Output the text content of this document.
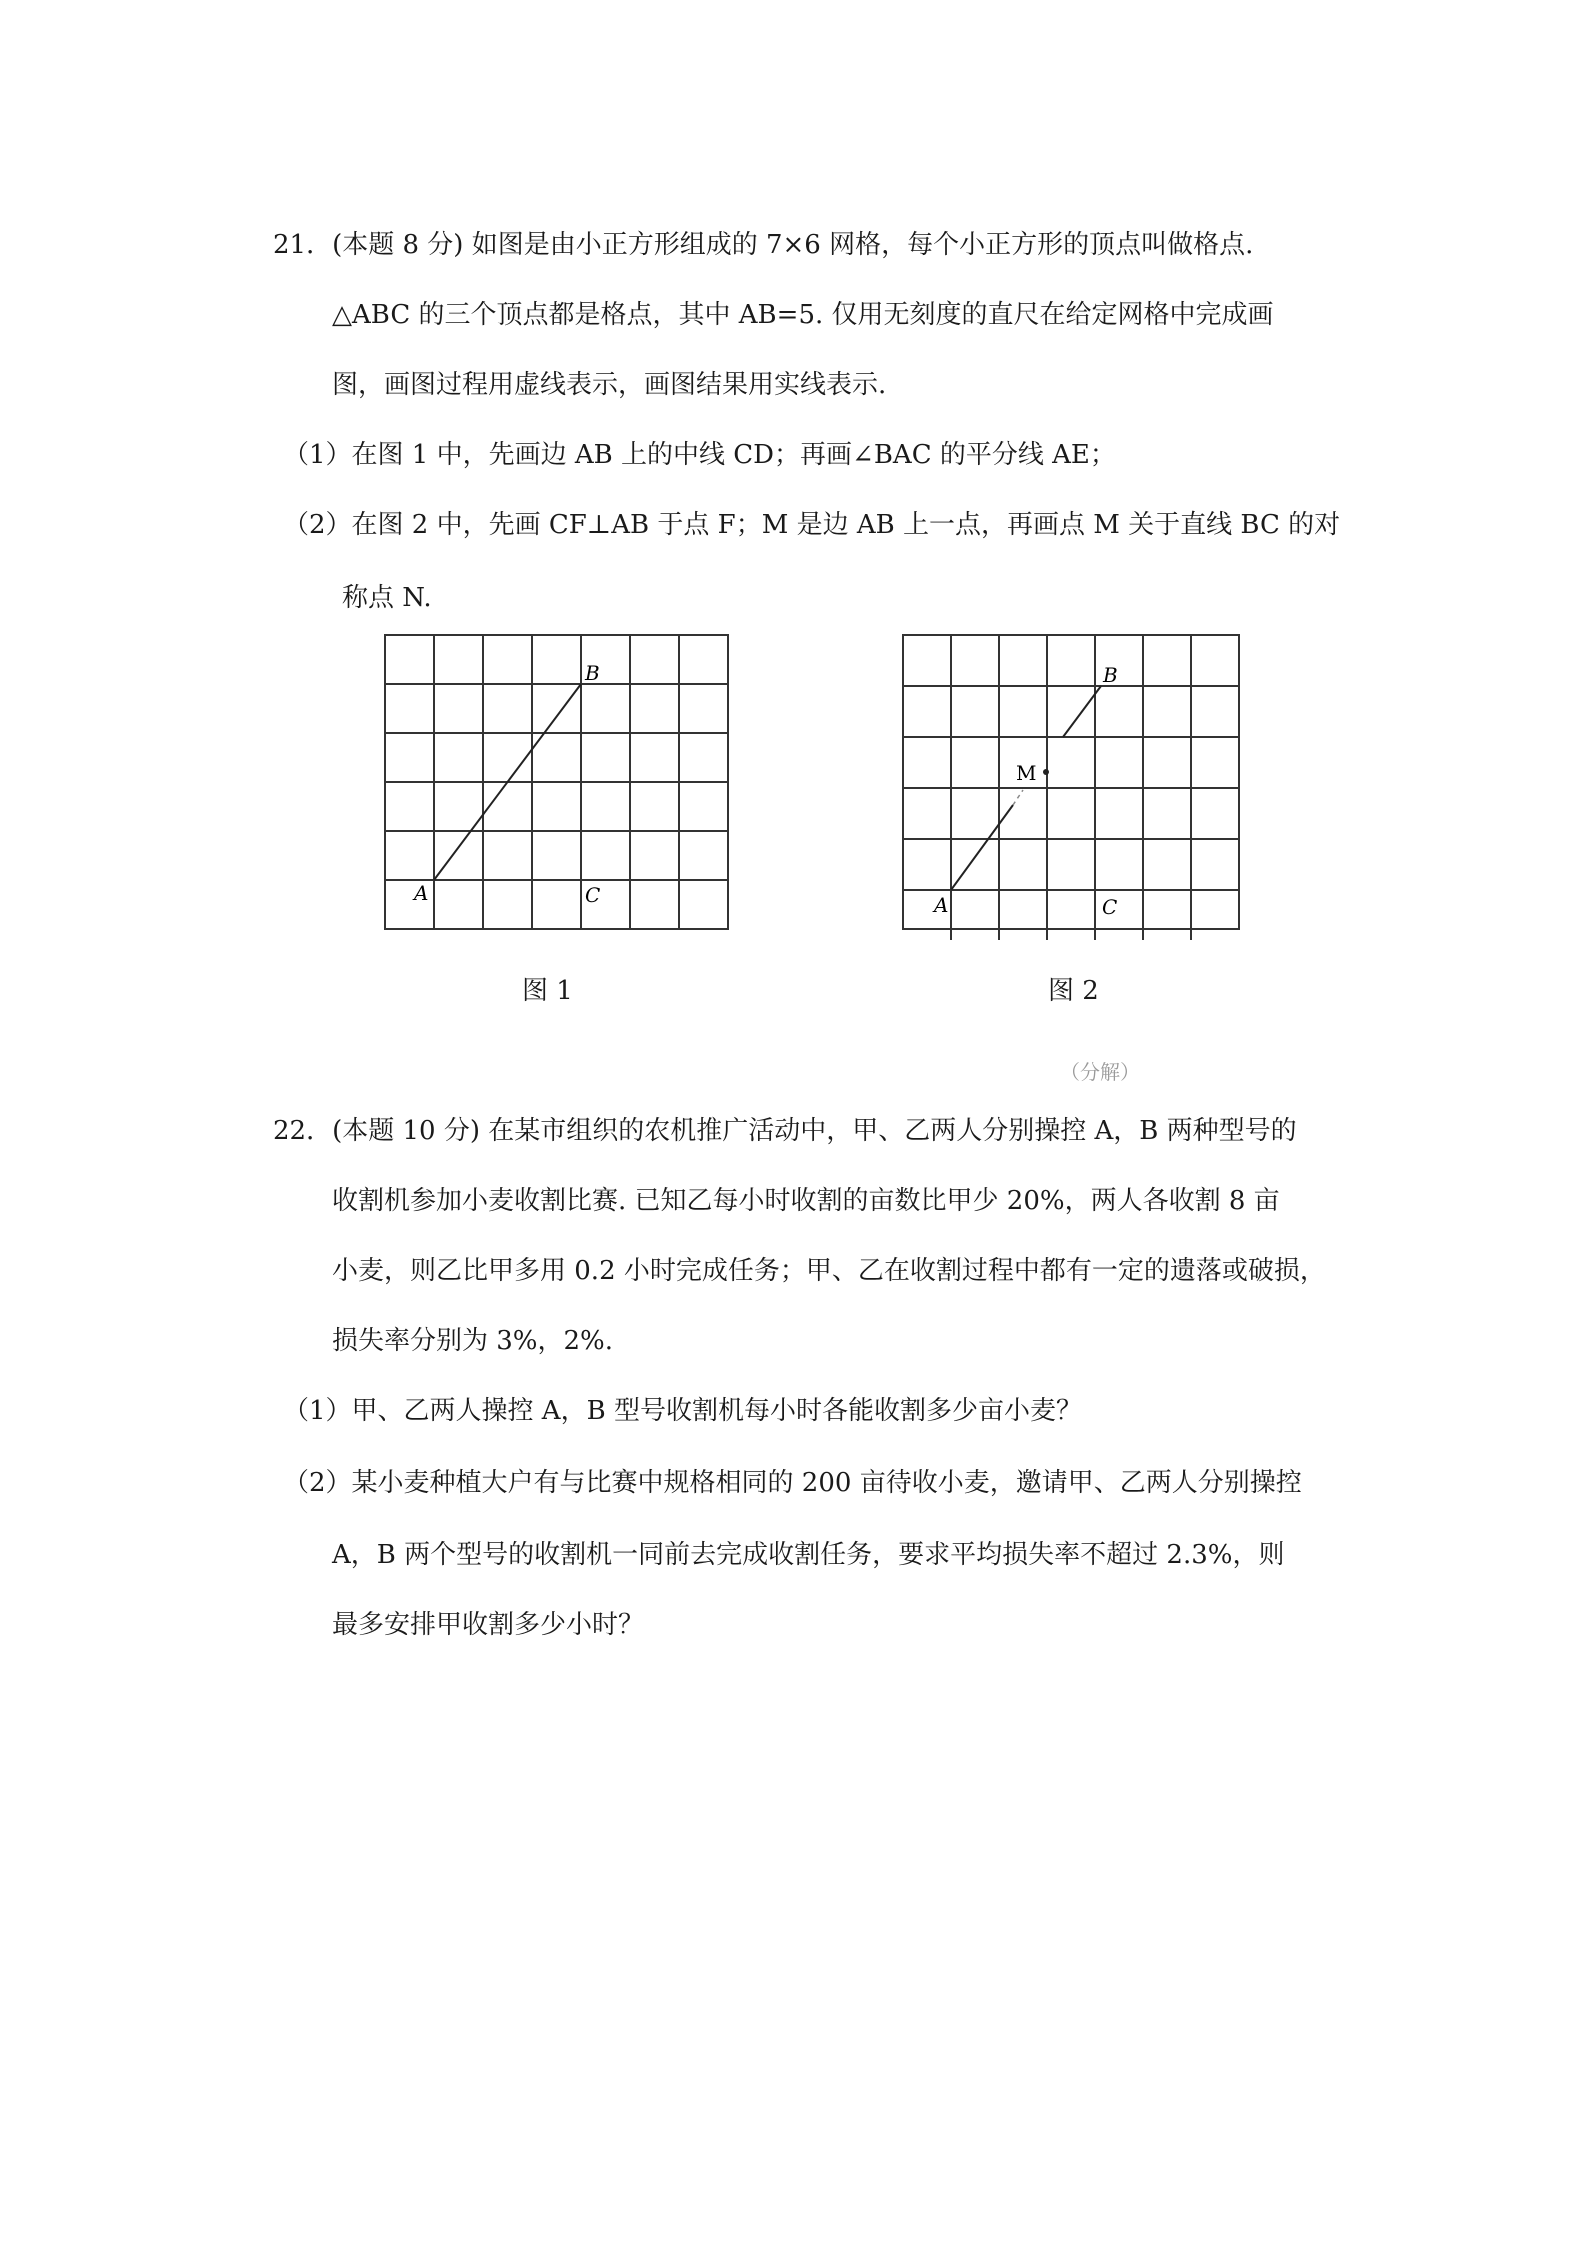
21．(本题 8 分) 如图是由小正方形组成的 7×6 网格，每个小正方形的顶点叫做格点.
△ABC 的三个顶点都是格点，其中 AB=5. 仅用无刻度的直尺在给定网格中完成画
图，画图过程用虚线表示，画图结果用实线表示.
（1）在图 1 中，先画边 AB 上的中线 CD；再画∠BAC 的平分线 AE；
（2）在图 2 中，先画 CF⊥AB 于点 F；M 是边 AB 上一点，再画点 M 关于直线 BC 的对
称点 N.
A
B
C
图 1
M
A
B
C
图 2
（分解）
22．(本题 10 分) 在某市组织的农机推广活动中，甲、乙两人分别操控 A，B 两种型号的
收割机参加小麦收割比赛. 已知乙每小时收割的亩数比甲少 20%，两人各收割 8 亩
小麦，则乙比甲多用 0.2 小时完成任务；甲、乙在收割过程中都有一定的遗落或破损，
损失率分别为 3%，2%.
（1）甲、乙两人操控 A，B 型号收割机每小时各能收割多少亩小麦？
（2）某小麦种植大户有与比赛中规格相同的 200 亩待收小麦，邀请甲、乙两人分别操控
A，B 两个型号的收割机一同前去完成收割任务，要求平均损失率不超过 2.3%，则
最多安排甲收割多少小时？
